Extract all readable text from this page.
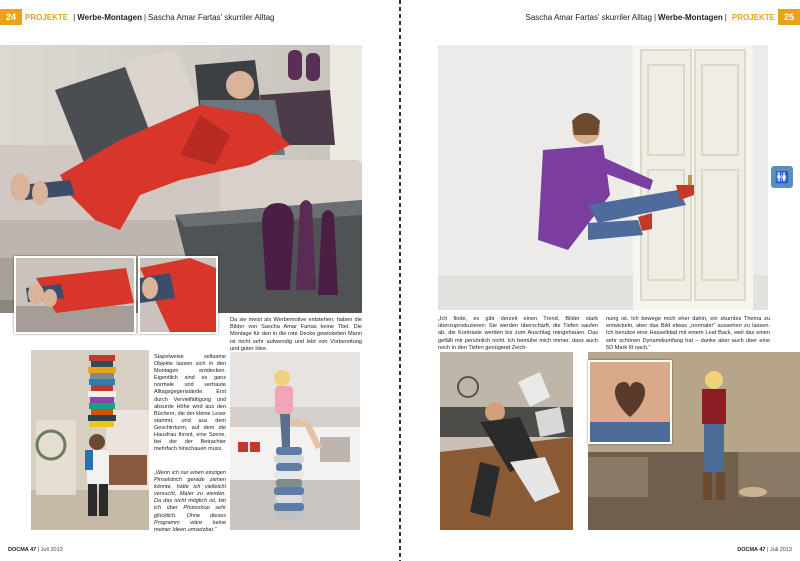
24	PROJEKTE | Werbe-Montagen | Sascha Amar Fartas' skurriler Alltag
Da sie meist als Werbemotive entstehen, haben die Bilder von Sascha Amar Fartas keine Titel. Die Montage für den in die rote Decke gewickelten Mann ist nicht sehr aufwendig und lebt von Vorbereitung und guter Idee.
Stapelweise seltsame Objekte lassen sich in den Montagen entdecken. Eigentlich sind es ganz normale und vertraute Alltagsgegenstände. Erst durch Vervielfältigung und absurde Höhe wird aus den Büchern, die der kleine Leser stammt, und aus dem Geschirrturm, auf dem die Hausfrau thront, eine Szene, bei der der Betrachter mehrfach hinschauen muss.
„Wenn ich nur einen einzigen Pinselstrich gerade ziehen könnte, hätte ich vielleicht versucht, Maler zu werden. Da das nicht möglich ist, bin ich über Photoshop sehr glücklich. Ohne dieses Programm wäre keine meiner Ideen umsetzbar.“
DOCMA 47 | Juli 2013
Sascha Amar Fartas' skurriler Alltag | Werbe-Montagen | PROJEKTE	25
🚻
„Ich finde, es gibt derzeit einen Trend, Bilder stark überzuproduzieren: Sie werden überschärft, die Tiefen saufen ab, die Kontraste werden bis zum Anschlag reingehauen. Das gefällt mir persönlich nicht. Ich bemühe mich immer, dass auch noch in den Tiefen genügend Zeich-
nung ist. Ich bewege mich eher dahin, ein skurriles Thema zu entwickeln, aber das Bild etwas „normaler“ aussehen zu lassen. Ich benutze eine Hasselblad mit einem Leaf Back, weil das einen sehr schönen Dynamikumfang hat – danke aber auch über eine 5D Mark III nach.“
DOCMA 47 | Juli 2013
